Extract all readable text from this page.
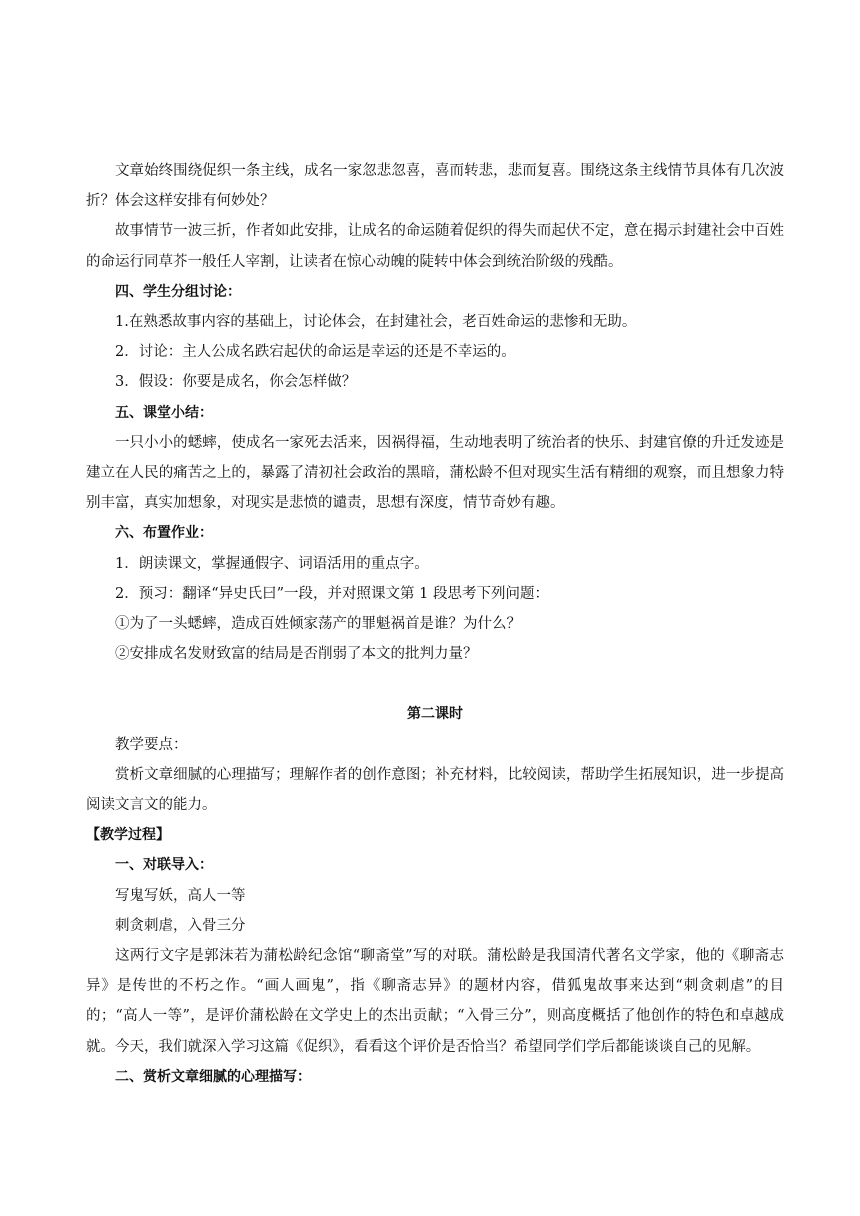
文章始终围绕促织一条主线，成名一家忽悲忽喜，喜而转悲，悲而复喜。围绕这条主线情节具体有几次波折？体会这样安排有何妙处？

故事情节一波三折，作者如此安排，让成名的命运随着促织的得失而起伏不定，意在揭示封建社会中百姓的命运行同草芥一般任人宰割，让读者在惊心动魄的陡转中体会到统治阶级的残酷。

四、学生分组讨论：

1.在熟悉故事内容的基础上，讨论体会，在封建社会，老百姓命运的悲惨和无助。

2．讨论：主人公成名跌宕起伏的命运是幸运的还是不幸运的。

3．假设：你要是成名，你会怎样做？

五、课堂小结：

一只小小的蟋蟀，使成名一家死去活来，因祸得福，生动地表明了统治者的快乐、封建官僚的升迁发迹是建立在人民的痛苦之上的，暴露了清初社会政治的黑暗，蒲松龄不但对现实生活有精细的观察，而且想象力特别丰富，真实加想象，对现实是悲愤的谴责，思想有深度，情节奇妙有趣。

六、布置作业：

1．朗读课文，掌握通假字、词语活用的重点字。

2．预习：翻译“异史氏曰”一段，并对照课文第 1 段思考下列问题：

①为了一头蟋蟀，造成百姓倾家荡产的罪魁祸首是谁？为什么？

②安排成名发财致富的结局是否削弱了本文的批判力量？

第二课时

教学要点：

赏析文章细腻的心理描写；理解作者的创作意图；补充材料，比较阅读，帮助学生拓展知识，进一步提高阅读文言文的能力。

【教学过程】

一、对联导入：

写鬼写妖，高人一等

刺贪刺虐，入骨三分

这两行文字是郭沫若为蒲松龄纪念馆“聊斋堂”写的对联。蒲松龄是我国清代著名文学家，他的《聊斋志异》是传世的不朽之作。“画人画鬼”，指《聊斋志异》的题材内容，借狐鬼故事来达到“刺贪刺虐”的目的；“高人一等”，是评价蒲松龄在文学史上的杰出贡献；“入骨三分”，则高度概括了他创作的特色和卓越成就。今天，我们就深入学习这篇《促织》，看看这个评价是否恰当？希望同学们学后都能谈谈自己的见解。

二、赏析文章细腻的心理描写：
